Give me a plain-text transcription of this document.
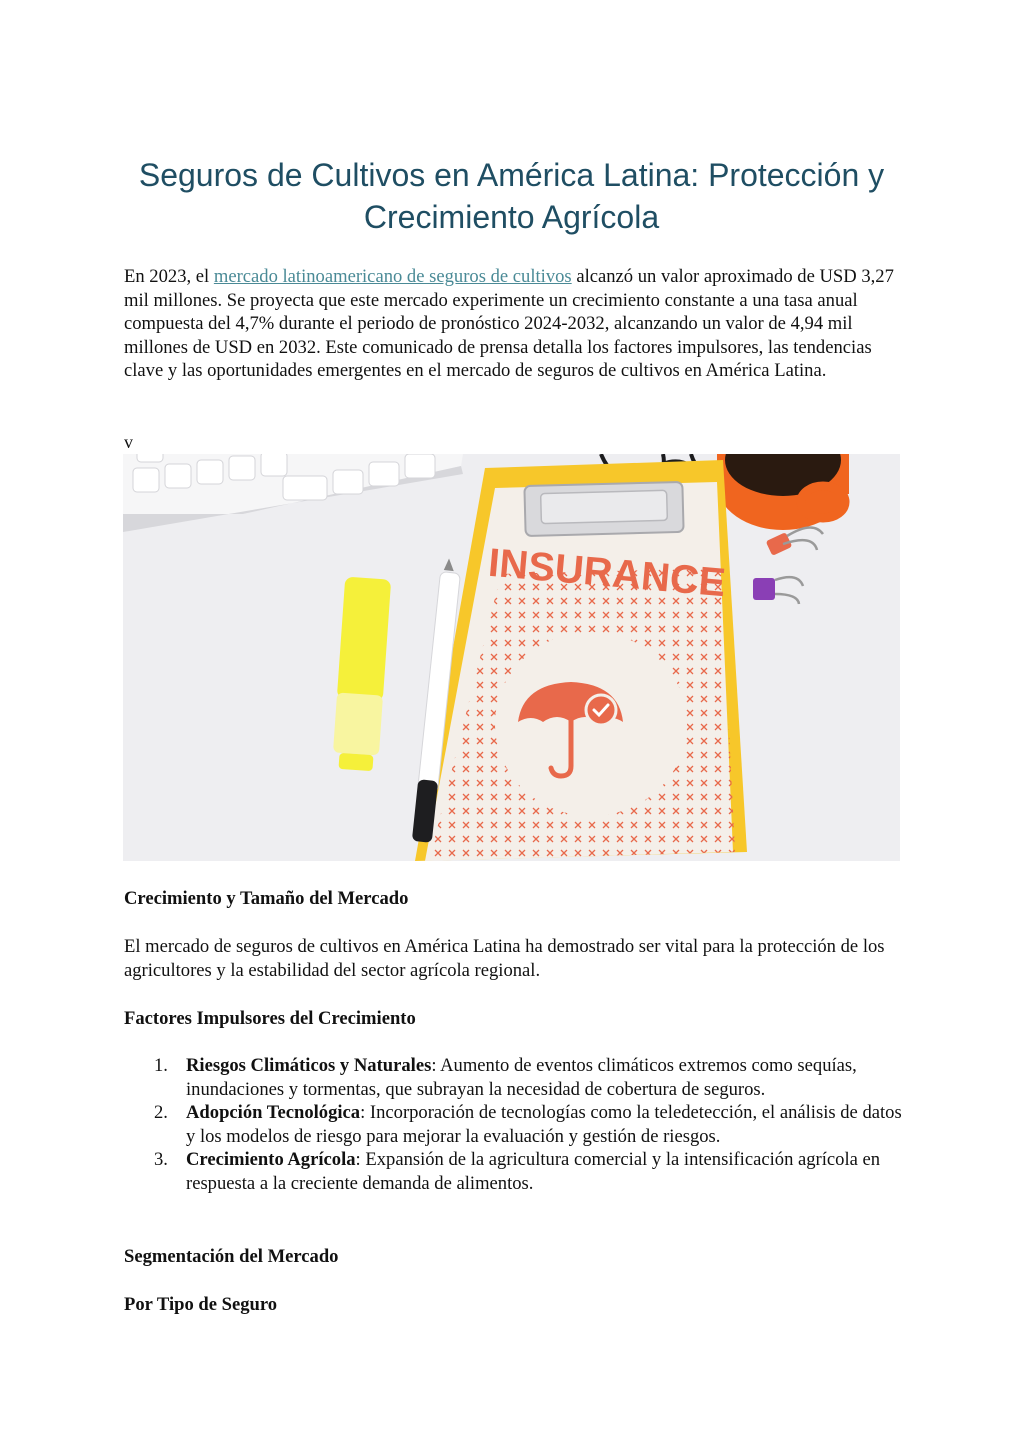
Seguros de Cultivos en América Latina: Protección y Crecimiento Agrícola

En 2023, el mercado latinoamericano de seguros de cultivos alcanzó un valor aproximado de USD 3,27 mil millones. Se proyecta que este mercado experimente un crecimiento constante a una tasa anual compuesta del 4,7% durante el periodo de pronóstico 2024-2032, alcanzando un valor de 4,94 mil millones de USD en 2032. Este comunicado de prensa detalla los factores impulsores, las tendencias clave y las oportunidades emergentes en el mercado de seguros de cultivos en América Latina.

v
INSURANCE
Crecimiento y Tamaño del Mercado

El mercado de seguros de cultivos en América Latina ha demostrado ser vital para la protección de los agricultores y la estabilidad del sector agrícola regional.

Factores Impulsores del Crecimiento
1. Riesgos Climáticos y Naturales: Aumento de eventos climáticos extremos como sequías, inundaciones y tormentas, que subrayan la necesidad de cobertura de seguros.
2. Adopción Tecnológica: Incorporación de tecnologías como la teledetección, el análisis de datos y los modelos de riesgo para mejorar la evaluación y gestión de riesgos.
3. Crecimiento Agrícola: Expansión de la agricultura comercial y la intensificación agrícola en respuesta a la creciente demanda de alimentos.
Segmentación del Mercado
Por Tipo de Seguro
